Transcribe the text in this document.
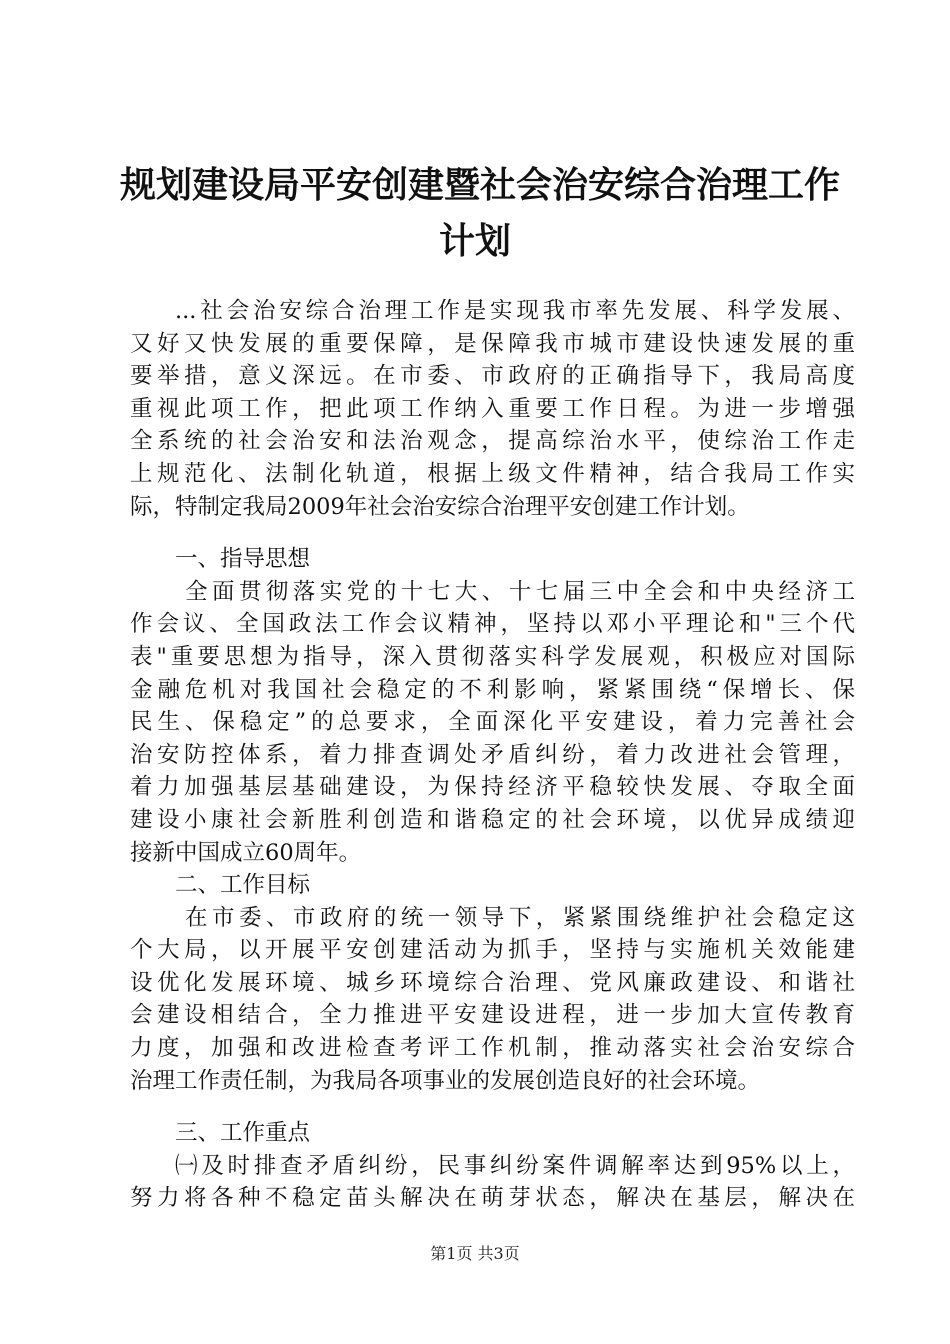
规划建设局平安创建暨社会治安综合治理工作
计划
...社会治安综合治理工作是实现我市率先发展、科学发展、
又好又快发展的重要保障，是保障我市城市建设快速发展的重
要举措，意义深远。在市委、市政府的正确指导下，我局高度
重视此项工作，把此项工作纳入重要工作日程。为进一步增强
全系统的社会治安和法治观念，提高综治水平，使综治工作走
上规范化、法制化轨道，根据上级文件精神，结合我局工作实
际，特制定我局2009年社会治安综合治理平安创建工作计划。
一、指导思想
全面贯彻落实党的十七大、十七届三中全会和中央经济工
作会议、全国政法工作会议精神，坚持以邓小平理论和"三个代
表"重要思想为指导，深入贯彻落实科学发展观，积极应对国际
金融危机对我国社会稳定的不利影响，紧紧围绕“保增长、保
民生、保稳定”的总要求，全面深化平安建设，着力完善社会
治安防控体系，着力排查调处矛盾纠纷，着力改进社会管理，
着力加强基层基础建设，为保持经济平稳较快发展、夺取全面
建设小康社会新胜利创造和谐稳定的社会环境，以优异成绩迎
接新中国成立60周年。
二、工作目标
在市委、市政府的统一领导下，紧紧围绕维护社会稳定这
个大局，以开展平安创建活动为抓手，坚持与实施机关效能建
设优化发展环境、城乡环境综合治理、党风廉政建设、和谐社
会建设相结合，全力推进平安建设进程，进一步加大宣传教育
力度，加强和改进检查考评工作机制，推动落实社会治安综合
治理工作责任制，为我局各项事业的发展创造良好的社会环境。
三、工作重点
㈠及时排查矛盾纠纷，民事纠纷案件调解率达到95%以上，
努力将各种不稳定苗头解决在萌芽状态，解决在基层，解决在
第1页 共3页
